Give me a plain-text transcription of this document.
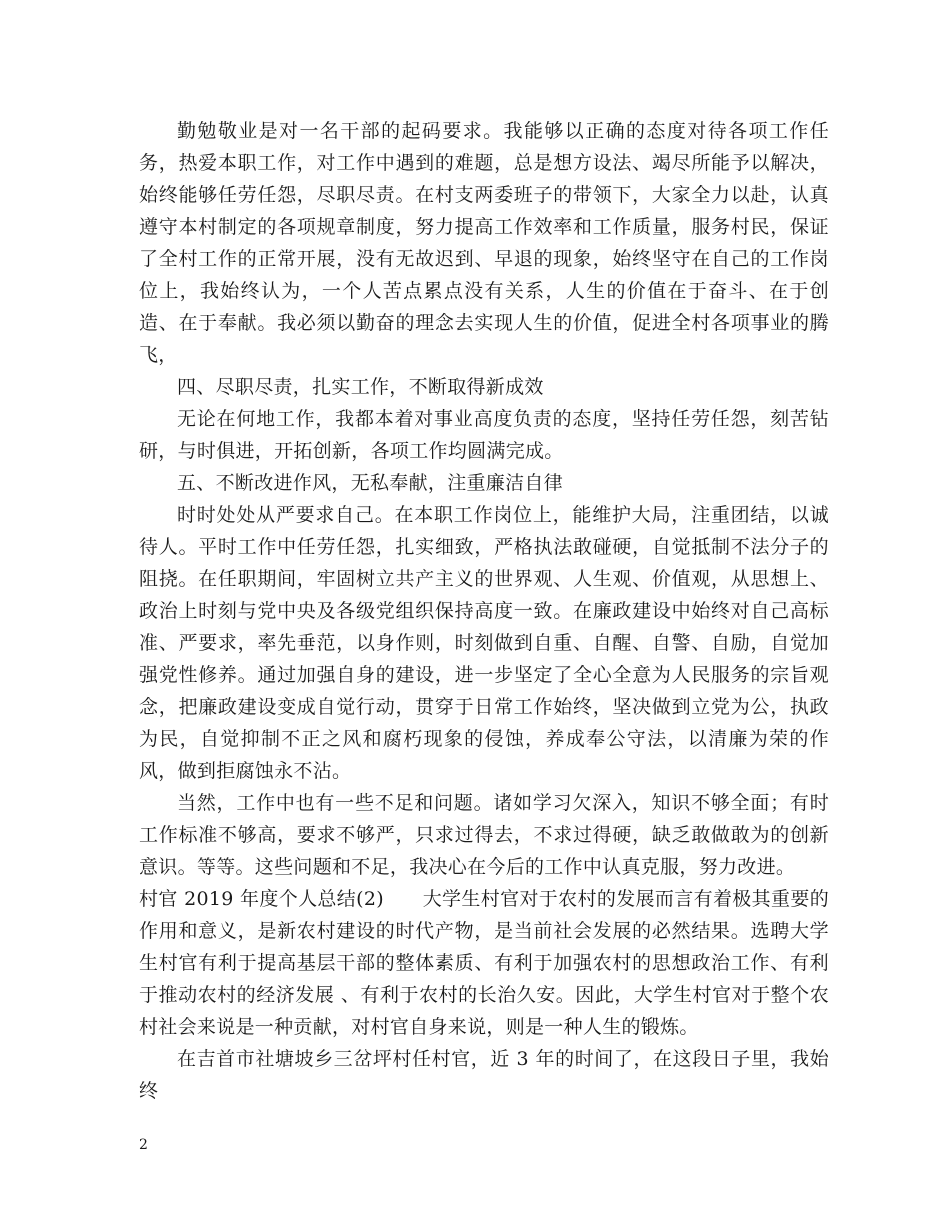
勤勉敬业是对一名干部的起码要求。我能够以正确的态度对待各项工作任务，热爱本职工作，对工作中遇到的难题，总是想方设法、竭尽所能予以解决，始终能够任劳任怨，尽职尽责。在村支两委班子的带领下，大家全力以赴，认真遵守本村制定的各项规章制度，努力提高工作效率和工作质量，服务村民，保证了全村工作的正常开展，没有无故迟到、早退的现象，始终坚守在自己的工作岗位上，我始终认为，一个人苦点累点没有关系，人生的价值在于奋斗、在于创造、在于奉献。我必须以勤奋的理念去实现人生的价值，促进全村各项事业的腾飞，

四、尽职尽责，扎实工作，不断取得新成效

无论在何地工作，我都本着对事业高度负责的态度，坚持任劳任怨，刻苦钻研，与时俱进，开拓创新，各项工作均圆满完成。

五、不断改进作风，无私奉献，注重廉洁自律

时时处处从严要求自己。在本职工作岗位上，能维护大局，注重团结，以诚待人。平时工作中任劳任怨，扎实细致，严格执法敢碰硬，自觉抵制不法分子的阻挠。在任职期间，牢固树立共产主义的世界观、人生观、价值观，从思想上、政治上时刻与党中央及各级党组织保持高度一致。在廉政建设中始终对自己高标准、严要求，率先垂范，以身作则，时刻做到自重、自醒、自警、自励，自觉加强党性修养。通过加强自身的建设，进一步坚定了全心全意为人民服务的宗旨观念，把廉政建设变成自觉行动，贯穿于日常工作始终，坚决做到立党为公，执政为民，自觉抑制不正之风和腐朽现象的侵蚀，养成奉公守法，以清廉为荣的作风，做到拒腐蚀永不沾。

当然，工作中也有一些不足和问题。诸如学习欠深入，知识不够全面；有时工作标准不够高，要求不够严，只求过得去，不求过得硬，缺乏敢做敢为的创新意识。等等。这些问题和不足，我决心在今后的工作中认真克服，努力改进。

村官 2019 年度个人总结(2)　　大学生村官对于农村的发展而言有着极其重要的作用和意义，是新农村建设的时代产物，是当前社会发展的必然结果。选聘大学生村官有利于提高基层干部的整体素质、有利于加强农村的思想政治工作、有利于推动农村的经济发展 、有利于农村的长治久安。因此，大学生村官对于整个农村社会来说是一种贡献，对村官自身来说，则是一种人生的锻炼。

在吉首市社塘坡乡三岔坪村任村官，近 3 年的时间了，在这段日子里，我始终

2
